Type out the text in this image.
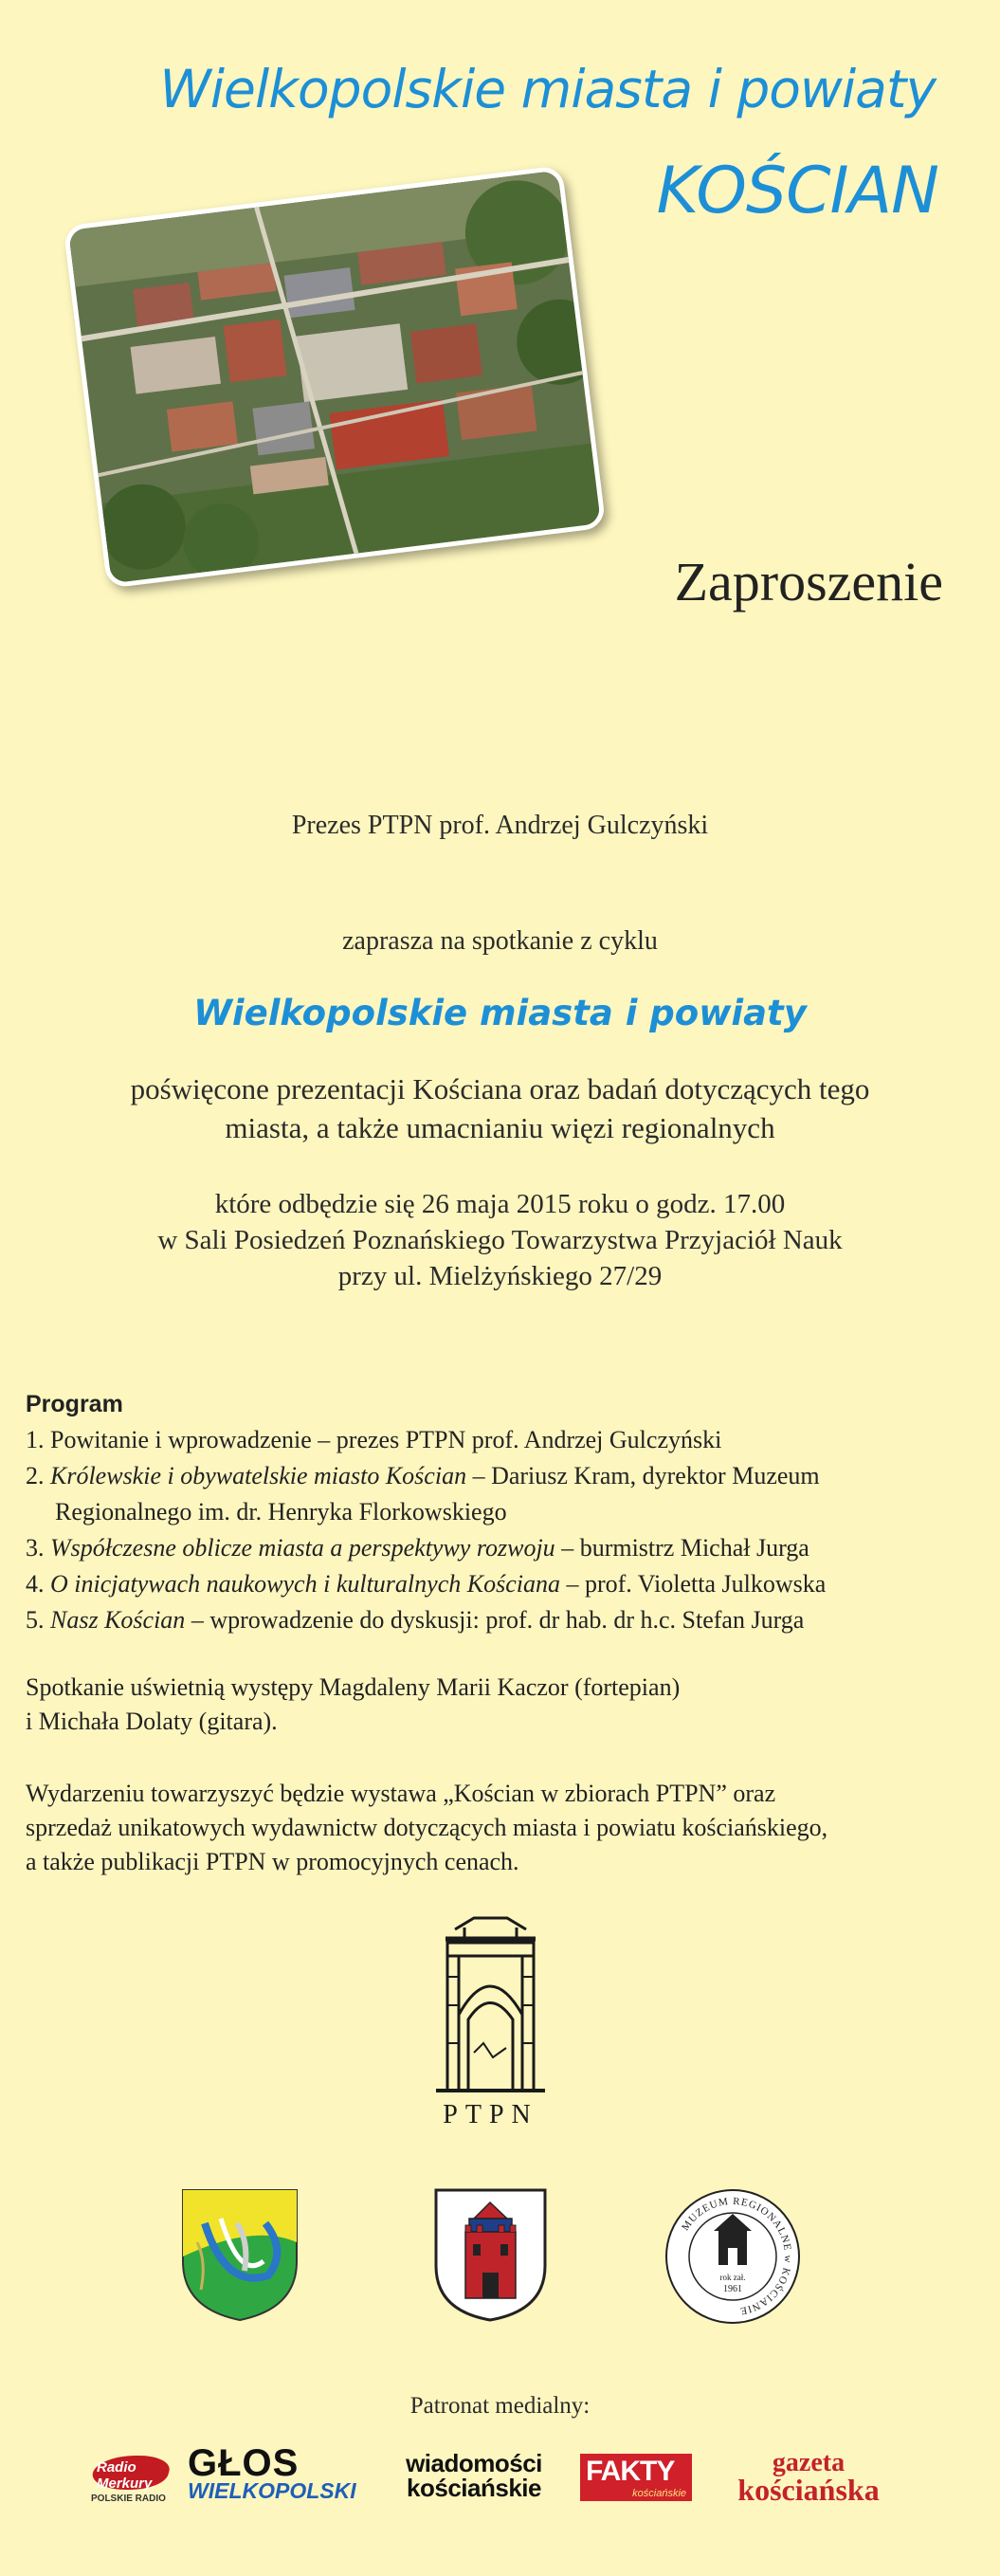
Wielkopolskie miasta i powiaty
KOŚCIAN
Zaproszenie
Prezes PTPN prof. Andrzej Gulczyński
zaprasza na spotkanie z cyklu
Wielkopolskie miasta i powiaty
poświęcone prezentacji Kościana oraz badań dotyczących tego
miasta, a także umacnianiu więzi regionalnych
które odbędzie się 26 maja 2015 roku o godz. 17.00
w Sali Posiedzeń Poznańskiego Towarzystwa Przyjaciół Nauk
przy ul. Mielżyńskiego 27/29
Program
1. Powitanie i wprowadzenie – prezes PTPN prof. Andrzej Gulczyński
2. Królewskie i obywatelskie miasto Kościan – Dariusz Kram, dyrektor Muzeum
Regionalnego im. dr. Henryka Florkowskiego
3. Współczesne oblicze miasta a perspektywy rozwoju – burmistrz Michał Jurga
4. O inicjatywach naukowych i kulturalnych Kościana – prof. Violetta Julkowska
5. Nasz Kościan – wprowadzenie do dyskusji: prof. dr hab. dr h.c. Stefan Jurga
Spotkanie uświetnią występy Magdaleny Marii Kaczor (fortepian)
i Michała Dolaty (gitara).
Wydarzeniu towarzyszyć będzie wystawa „Kościan w zbiorach PTPN” oraz
sprzedaż unikatowych wydawnictw dotyczących miasta i powiatu kościańskiego,
a także publikacji PTPN w promocyjnych cenach.
PTPN
MUZEUM REGIONALNE w KOŚCIANIE
rok zał.
1961
Patronat medialny:
Radio Merkury
POLSKIE RADIO
GŁOS
WIELKOPOLSKI
wiadomości
kościańskie
FAKTY
kościańskie
gazeta
kościańska
